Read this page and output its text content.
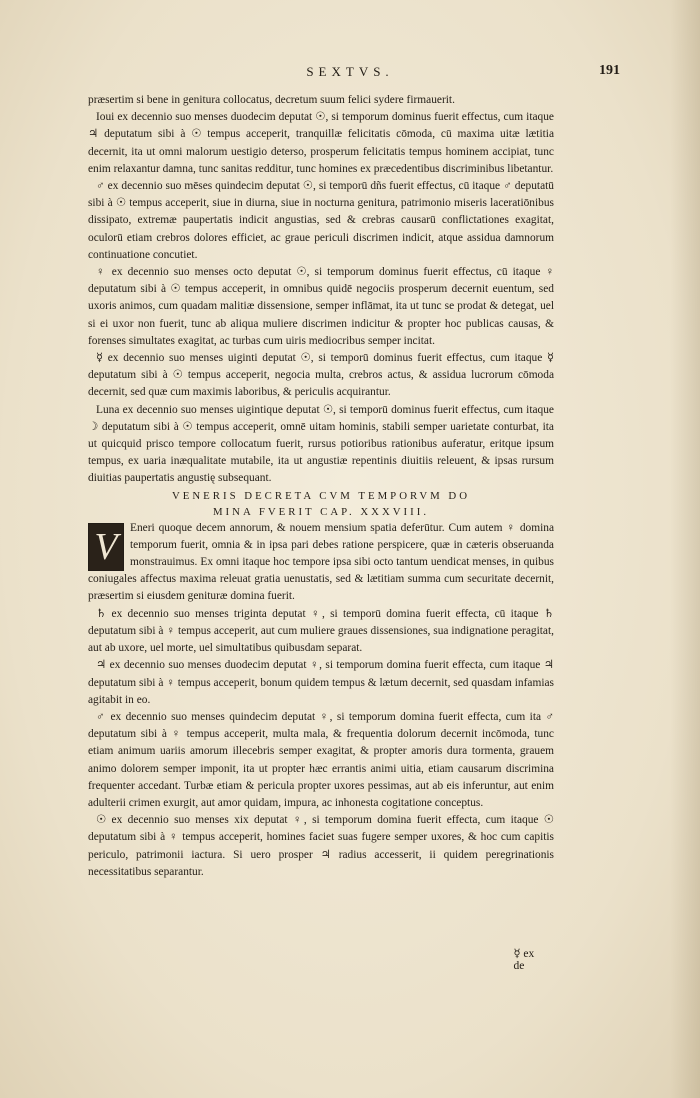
SEXTVS.	191

præsertim si bene in genitura collocatus, decretum suum felici sydere firmauerit.

Ioui ex decennio suo menses duodecim deputat ☉, si temporum dominus fuerit effectus, cum itaque ♃ deputatum sibi à ☉ tempus acceperit, tranquillæ felicitatis cōmoda, cū maxima uitæ lætitia decernit, ita ut omni malorum uestigio deterso, prosperum felicitatis tempus hominem accipiat, tunc enim relaxantur damna, tunc sanitas redditur, tunc homines ex præcedentibus discriminibus libetantur.

♂ ex decennio suo mēses quindecim deputat ☉, si temporū dñs fuerit effectus, cū itaque ♂ deputatū sibi à ☉ tempus acceperit, siue in diurna, siue in nocturna genitura, patrimonio miseris laceratiōnibus dissipato, extremæ paupertatis indicit angustias, sed & crebras causarū conflictationes exagitat, oculorū etiam crebros dolores efficiet, ac graue periculi discrimen indicit, atque assidua damnorum continuatione concutiet.

♀ ex decennio suo menses octo deputat ☉, si temporum dominus fuerit effectus, cū itaque ♀ deputatum sibi à ☉ tempus acceperit, in omnibus quidē negociis prosperum decernit euentum, sed uxoris animos, cum quadam malitiæ dissensione, semper inflāmat, ita ut tunc se prodat & detegat, uel si ei uxor non fuerit, tunc ab aliqua muliere discrimen indicitur & propter hoc publicas causas, & forenses simultates exagitat, ac turbas cum uiris mediocribus semper incitat.

☿ ex decennio suo menses uiginti deputat ☉, si temporū dominus fuerit effectus, cum itaque ☿ deputatum sibi à ☉ tempus acceperit, negocia multa, crebros actus, & assidua lucrorum cōmoda decernit, sed quæ cum maximis laboribus, & periculis acquirantur.

Luna ex decennio suo menses uigintique deputat ☉, si temporū dominus fuerit effectus, cum itaque ☽ deputatum sibi à ☉ tempus acceperit, omnē uitam hominis, stabili semper uarietate conturbat, ita ut quicquid prisco tempore collocatum fuerit, rursus potioribus rationibus auferatur, eritque ipsum tempus, ex uaria inæqualitate mutabile, ita ut angustiæ repentinis diuitiis releuent, & ipsas rursum diuitias paupertatis angustię subsequant.

VENERIS DECRETA CVM TEMPORVM DO
MINA FVERIT CAP. XXXVIII.

V	Eneri quoque decem annorum, & nouem mensium spatia deferūtur. Cum autem ♀ domina temporum fuerit, omnia & in ipsa pari debes ratione perspicere, quæ in cæteris obseruanda monstrauimus. Ex omni itaque hoc tempore ipsa sibi octo tantum uendicat menses, in quibus coniugales affectus maxima releuat gratia uenustatis, sed & lætitiam summa cum securitate decernit, præsertim si eiusdem genituræ domina fuerit.

♄ ex decennio suo menses triginta deputat ♀, si temporū domina fuerit effecta, cū itaque ♄ deputatum sibi à ♀ tempus acceperit, aut cum muliere graues dissensiones, sua indignatione peragitat, aut ab uxore, uel morte, uel simultatibus quibusdam separat.

♃ ex decennio suo menses duodecim deputat ♀, si temporum domina fuerit effecta, cum itaque ♃ deputatum sibi à ♀ tempus acceperit, bonum quidem tempus & lætum decernit, sed quasdam infamias agitabit in eo.

♂ ex decennio suo menses quindecim deputat ♀, si temporum domina fuerit effecta, cum ita ♂ deputatum sibi à ♀ tempus acceperit, multa mala, & frequentia dolorum decernit incōmoda, tunc etiam animum uariis amorum illecebris semper exagitat, & propter amoris dura tormenta, grauem animo dolorem semper imponit, ita ut propter hæc errantis animi uitia, etiam causarum discrimina frequenter accedant. Turbæ etiam & pericula propter uxores pessimas, aut ab eis inferuntur, aut enim adulterii crimen exurgit, aut amor quidam, impura, ac inhonesta cogitatione conceptus.

☉ ex decennio suo menses xix deputat ♀, si temporum domina fuerit effecta, cum itaque ☉ deputatum sibi à ♀ tempus acceperit, homines faciet suas fugere semper uxores, & hoc cum capitis periculo, patrimonii iactura. Si uero prosper ♃ radius accesserit, ii quidem peregrinationis necessitatibus separantur.

☿ ex de
